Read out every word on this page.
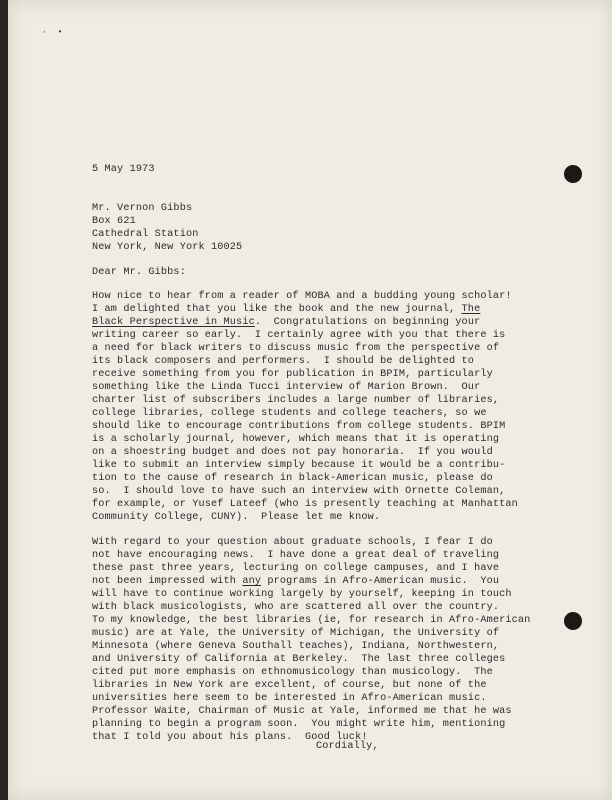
· •

5 May 1973

Mr. Vernon Gibbs

Box 621

Cathedral Station

New York, New York 10025

Dear Mr. Gibbs:

How nice to hear from a reader of MOBA and a budding young scholar!

I am delighted that you like the book and the new journal, The

Black Perspective in Music.  Congratulations on beginning your

writing career so early.  I certainly agree with you that there is

a need for black writers to discuss music from the perspective of

its black composers and performers.  I should be delighted to

receive something from you for publication in BPIM, particularly

something like the Linda Tucci interview of Marion Brown.  Our

charter list of subscribers includes a large number of libraries,

college libraries, college students and college teachers, so we

should like to encourage contributions from college students. BPIM

is a scholarly journal, however, which means that it is operating

on a shoestring budget and does not pay honoraria.  If you would

like to submit an interview simply because it would be a contribu-

tion to the cause of research in black-American music, please do

so.  I should love to have such an interview with Ornette Coleman,

for example, or Yusef Lateef (who is presently teaching at Manhattan

Community College, CUNY).  Please let me know.

With regard to your question about graduate schools, I fear I do

not have encouraging news.  I have done a great deal of traveling

these past three years, lecturing on college campuses, and I have

not been impressed with any programs in Afro-American music.  You

will have to continue working largely by yourself, keeping in touch

with black musicologists, who are scattered all over the country.

To my knowledge, the best libraries (ie, for research in Afro-American

music) are at Yale, the University of Michigan, the University of

Minnesota (where Geneva Southall teaches), Indiana, Northwestern,

and University of California at Berkeley.  The last three colleges

cited put more emphasis on ethnomusicology than musicology.  The

libraries in New York are excellent, of course, but none of the

universities here seem to be interested in Afro-American music.

Professor Waite, Chairman of Music at Yale, informed me that he was

planning to begin a program soon.  You might write him, mentioning

that I told you about his plans.  Good luck!

Cordially,
